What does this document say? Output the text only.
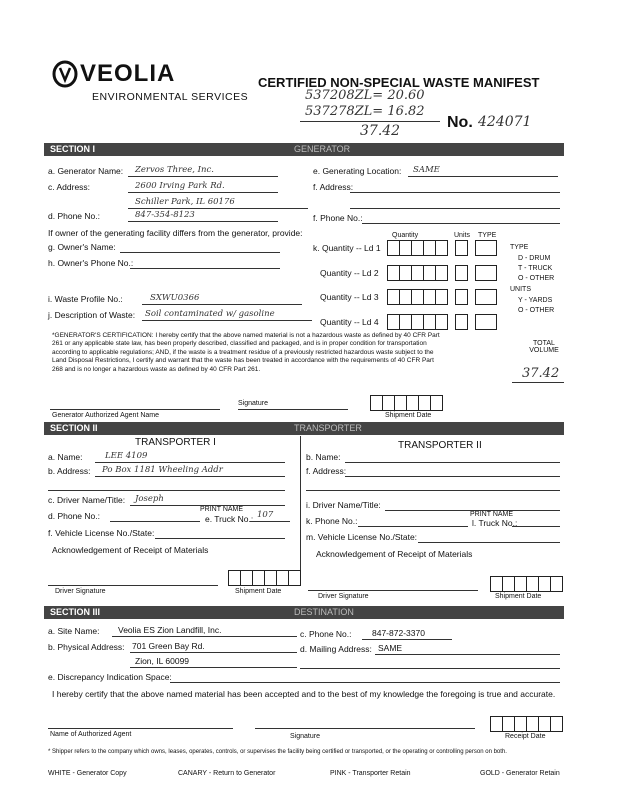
VEOLIA
ENVIRONMENTAL SERVICES
CERTIFIED NON-SPECIAL WASTE MANIFEST
537208ZL= 20.60
537278ZL= 16.82
37.42	No. 424071
SECTION I	GENERATOR
a. Generator Name: Zervos Three, Inc.	e. Generating Location: SAME
c. Address:	2600 Irving Park Rd.
Schiller Park, IL 60176
f. Address:
d. Phone No.:	847-354-8123	f. Phone No.:
If owner of the generating facility differs from the generator, provide:
g. Owner's Name:
h. Owner's Phone No.:
i. Waste Profile No.:	SXWU0366
j. Description of Waste: Soil contaminated w/ gasoline
Quantity	Units TYPE
k. Quantity -- Ld 1
Quantity -- Ld 2
Quantity -- Ld 3
Quantity -- Ld 4
TYPE
D - DRUM
T - TRUCK
O - OTHER
UNITS
Y - YARDS
O - OTHER
*GENERATOR'S CERTIFICATION: I hereby certify that the above named material is not a hazardous waste as defined by 40 CFR Part 261 or any applicable state law, has been properly described, classified and packaged, and is in proper condition for transportation according to applicable regulations; AND, if the waste is a treatment residue of a previously restricted hazardous waste subject to the Land Disposal Restrictions, I certify and warrant that the waste has been treated in accordance with the requirements of 40 CFR Part 268 and is no longer a hazardous waste as defined by 40 CFR Part 261.
TOTAL VOLUME
37.42
Generator Authorized Agent Name
Signature
Shipment Date
SECTION II	TRANSPORTER
TRANSPORTER I	TRANSPORTER II
a. Name:	LEE 4109
b. Address: Po Box 1181 Wheeling Addr
b. Name:
f. Address:
c. Driver Name/Title: Joseph
PRINT NAME
d. Phone No.:	e. Truck No.: 107
f. Vehicle License No./State:
Acknowledgement of Receipt of Materials
i. Driver Name/Title:
PRINT NAME
k. Phone No.:	l. Truck No.:
m. Vehicle License No./State:
Acknowledgement of Receipt of Materials
Driver Signature	Shipment Date
Driver Signature	Shipment Date
SECTION III	DESTINATION
a. Site Name: Veolia ES Zion Landfill, Inc.	c. Phone No.: 847-872-3370
b. Physical Address: 701 Green Bay Rd.
Zion, IL 60099
d. Mailing Address: SAME
e. Discrepancy Indication Space:
I hereby certify that the above named material has been accepted and to the best of my knowledge the foregoing is true and accurate.
Name of Authorized Agent	Signature	Receipt Date
* Shipper refers to the company which owns, leases, operates, controls, or supervises the facility being certified or transported, or the operating or controlling person on both.
WHITE - Generator Copy	CANARY - Return to Generator	PINK - Transporter Retain	GOLD - Generator Retain
